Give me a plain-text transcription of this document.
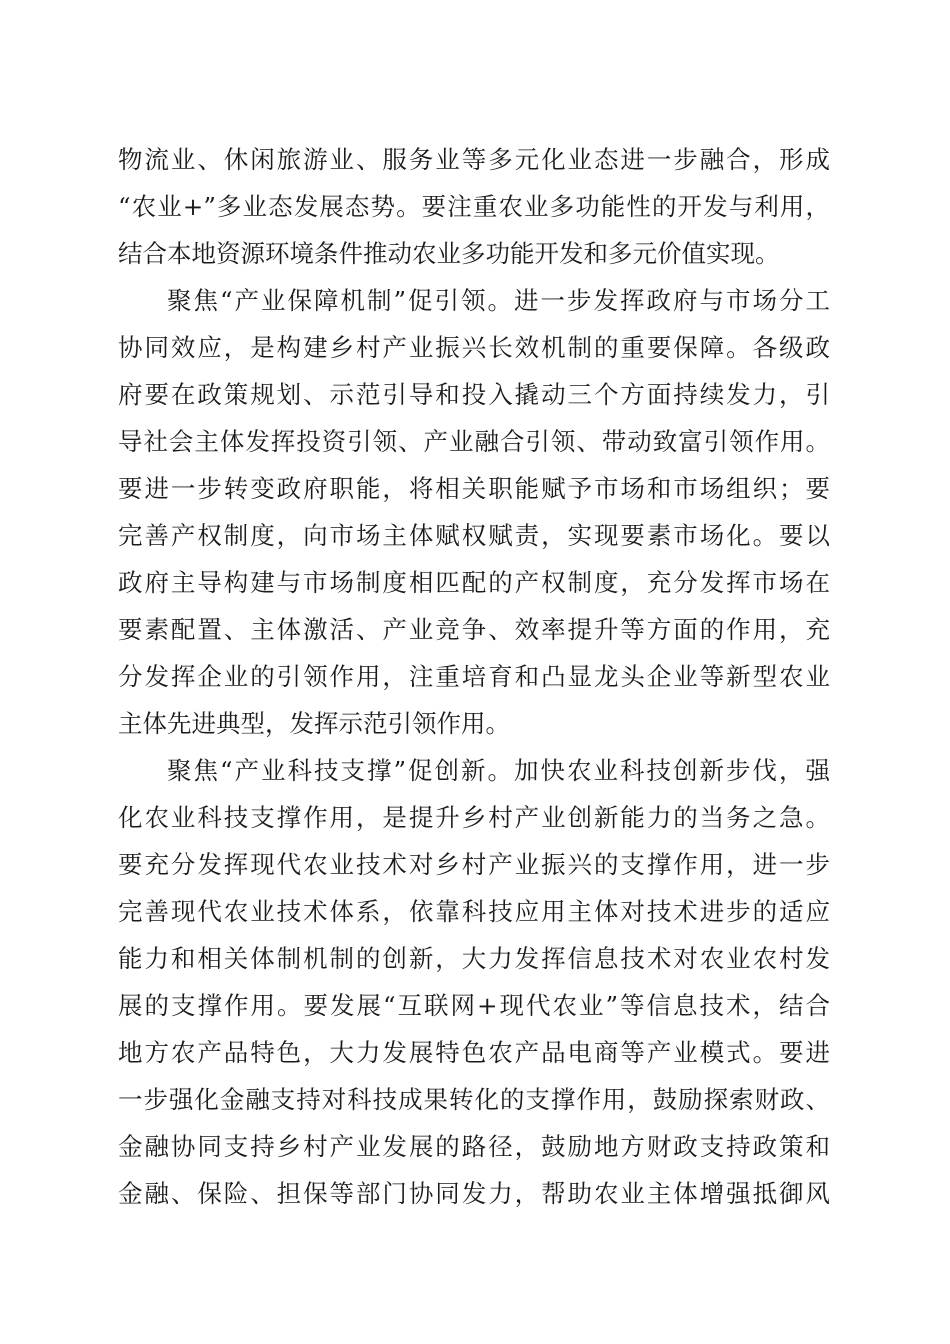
物流业、休闲旅游业、服务业等多元化业态进一步融合，形成
“农业+”多业态发展态势。要注重农业多功能性的开发与利用，
结合本地资源环境条件推动农业多功能开发和多元价值实现。
聚焦“产业保障机制”促引领。进一步发挥政府与市场分工
协同效应，是构建乡村产业振兴长效机制的重要保障。各级政
府要在政策规划、示范引导和投入撬动三个方面持续发力，引
导社会主体发挥投资引领、产业融合引领、带动致富引领作用。
要进一步转变政府职能，将相关职能赋予市场和市场组织；要
完善产权制度，向市场主体赋权赋责，实现要素市场化。要以
政府主导构建与市场制度相匹配的产权制度，充分发挥市场在
要素配置、主体激活、产业竞争、效率提升等方面的作用，充
分发挥企业的引领作用，注重培育和凸显龙头企业等新型农业
主体先进典型，发挥示范引领作用。
聚焦“产业科技支撑”促创新。加快农业科技创新步伐，强
化农业科技支撑作用，是提升乡村产业创新能力的当务之急。
要充分发挥现代农业技术对乡村产业振兴的支撑作用，进一步
完善现代农业技术体系，依靠科技应用主体对技术进步的适应
能力和相关体制机制的创新，大力发挥信息技术对农业农村发
展的支撑作用。要发展“互联网+现代农业”等信息技术，结合
地方农产品特色，大力发展特色农产品电商等产业模式。要进
一步强化金融支持对科技成果转化的支撑作用，鼓励探索财政、
金融协同支持乡村产业发展的路径，鼓励地方财政支持政策和
金融、保险、担保等部门协同发力，帮助农业主体增强抵御风
